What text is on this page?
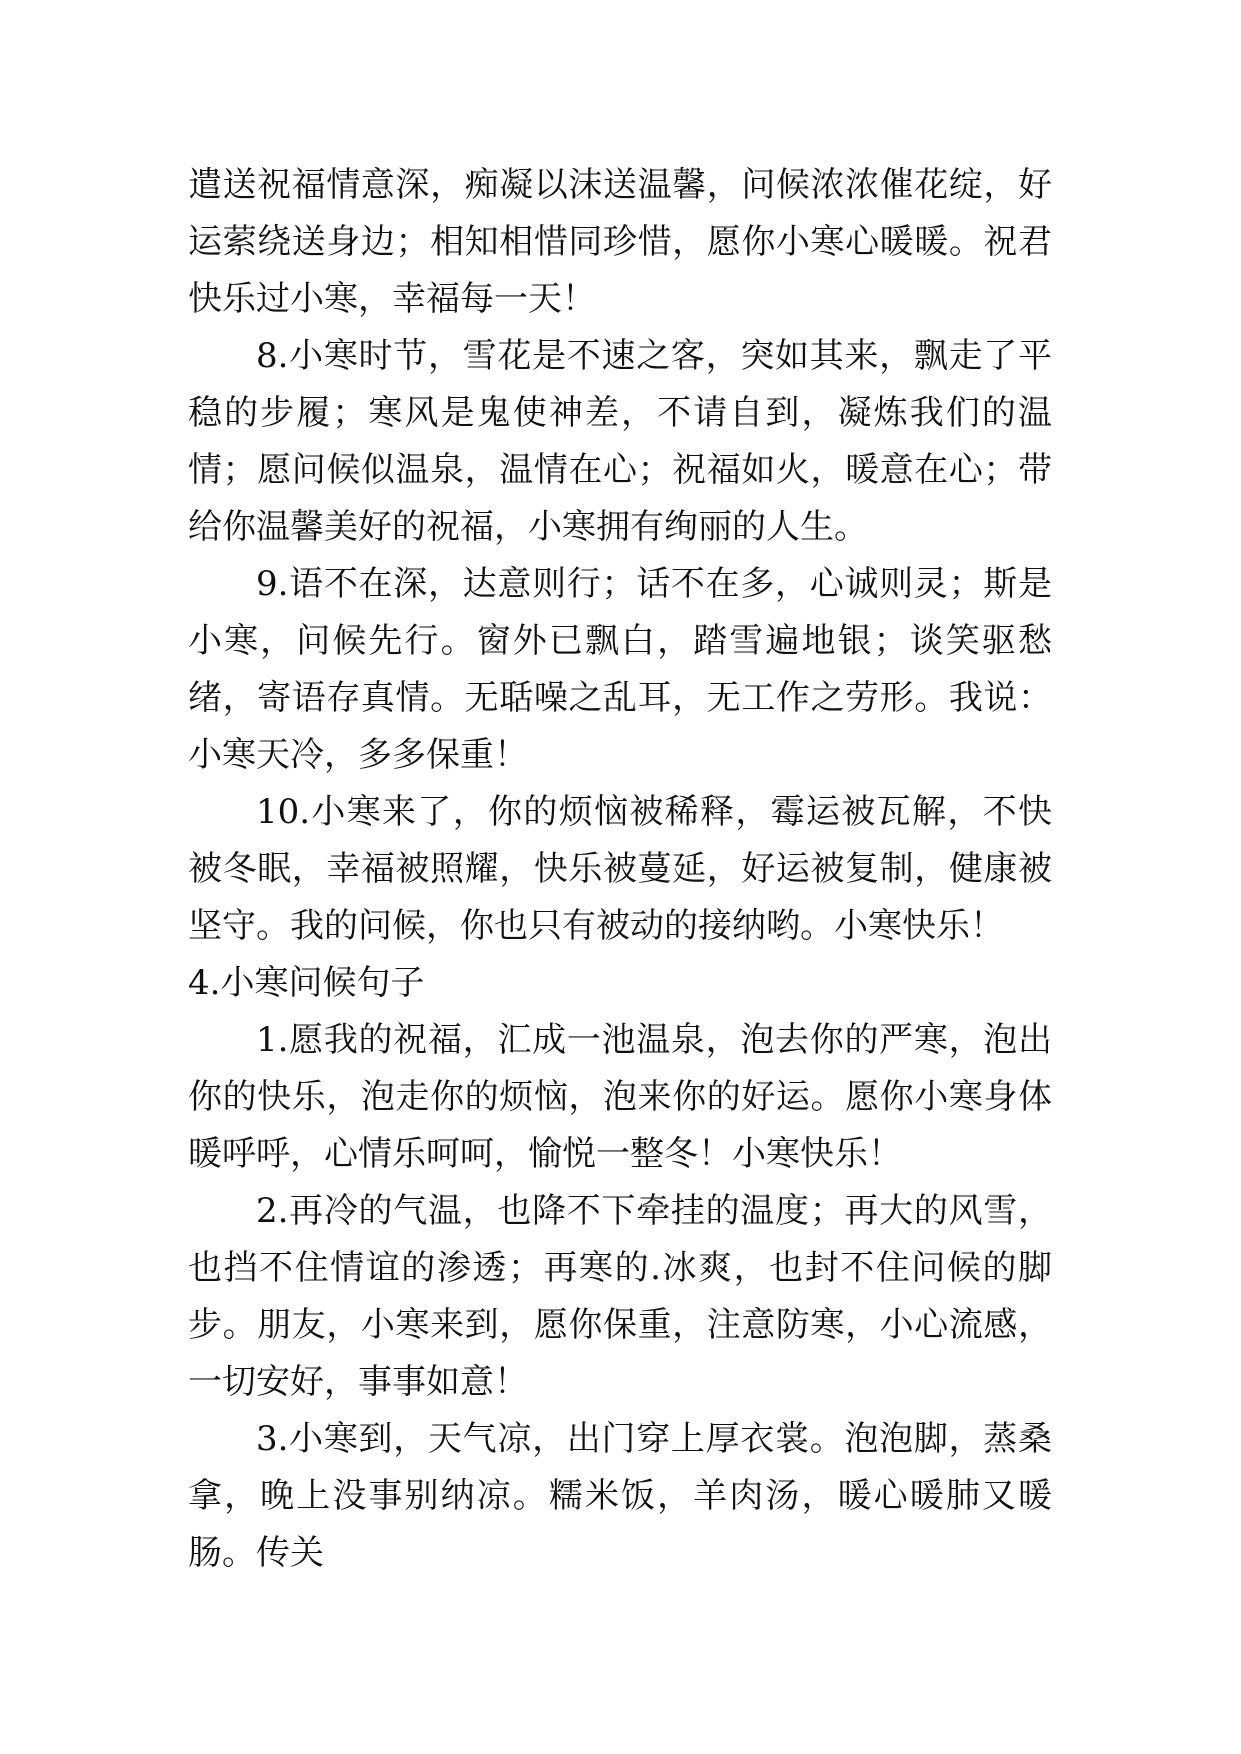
遣送祝福情意深，痴凝以沫送温馨，问候浓浓催花绽，好运萦绕送身边；相知相惜同珍惜，愿你小寒心暖暖。祝君快乐过小寒，幸福每一天！

8.小寒时节，雪花是不速之客，突如其来，飘走了平稳的步履；寒风是鬼使神差，不请自到，凝炼我们的温情；愿问候似温泉，温情在心；祝福如火，暖意在心；带给你温馨美好的祝福，小寒拥有绚丽的人生。

9.语不在深，达意则行；话不在多，心诚则灵；斯是小寒，问候先行。窗外已飘白，踏雪遍地银；谈笑驱愁绪，寄语存真情。无聒噪之乱耳，无工作之劳形。我说：小寒天冷，多多保重！

10.小寒来了，你的烦恼被稀释，霉运被瓦解，不快被冬眠，幸福被照耀，快乐被蔓延，好运被复制，健康被坚守。我的问候，你也只有被动的接纳哟。小寒快乐！

4.小寒问候句子

1.愿我的祝福，汇成一池温泉，泡去你的严寒，泡出你的快乐，泡走你的烦恼，泡来你的好运。愿你小寒身体暖呼呼，心情乐呵呵，愉悦一整冬！小寒快乐！

2.再冷的气温，也降不下牵挂的温度；再大的风雪，也挡不住情谊的渗透；再寒的.冰爽，也封不住问候的脚步。朋友，小寒来到，愿你保重，注意防寒，小心流感，一切安好，事事如意！

3.小寒到，天气凉，出门穿上厚衣裳。泡泡脚，蒸桑拿，晚上没事别纳凉。糯米饭，羊肉汤，暖心暖肺又暖肠。传关
